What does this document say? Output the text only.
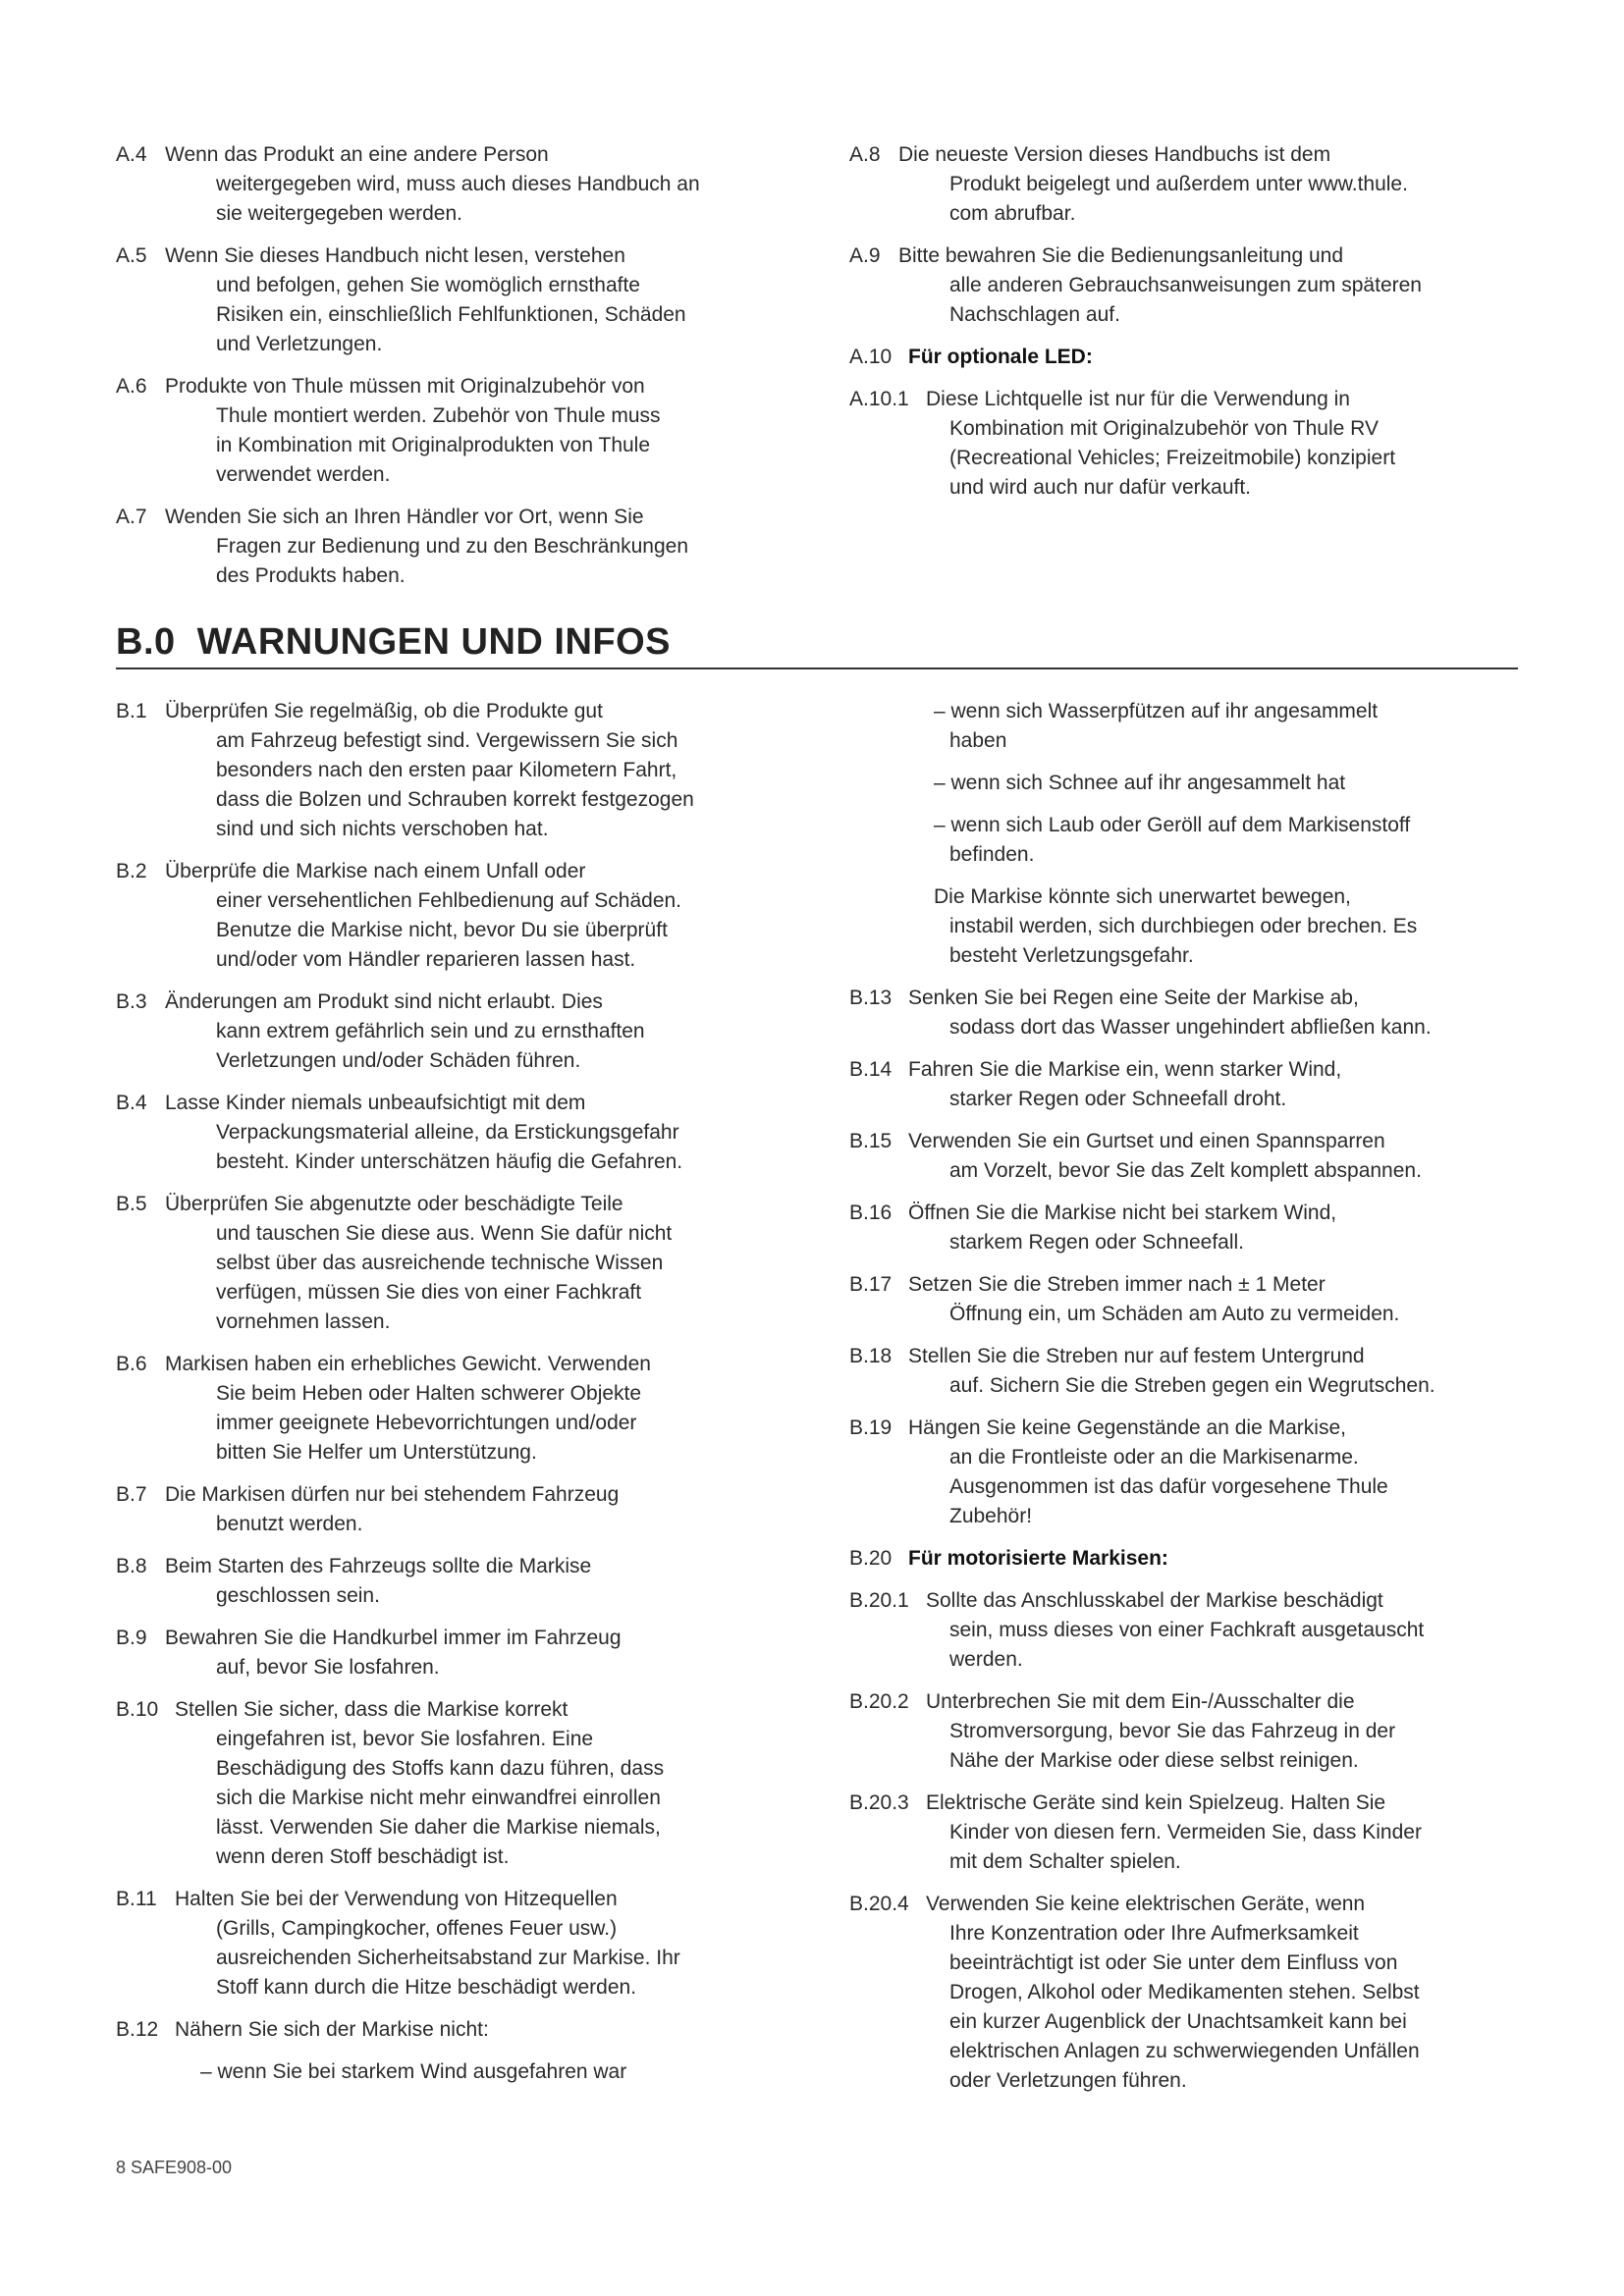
A.4 Wenn das Produkt an eine andere Person
weitergegeben wird, muss auch dieses Handbuch an
sie weitergegeben werden.
A.5 Wenn Sie dieses Handbuch nicht lesen, verstehen
und befolgen, gehen Sie womöglich ernsthafte
Risiken ein, einschließlich Fehlfunktionen, Schäden
und Verletzungen.
A.6 Produkte von Thule müssen mit Originalzubehör von
Thule montiert werden. Zubehör von Thule muss
in Kombination mit Originalprodukten von Thule
verwendet werden.
A.7 Wenden Sie sich an Ihren Händler vor Ort, wenn Sie
Fragen zur Bedienung und zu den Beschränkungen
des Produkts haben.
A.8 Die neueste Version dieses Handbuchs ist dem
Produkt beigelegt und außerdem unter www.thule.
com abrufbar.
A.9 Bitte bewahren Sie die Bedienungsanleitung und
alle anderen Gebrauchsanweisungen zum späteren
Nachschlagen auf.
A.10 Für optionale LED:
A.10.1 Diese Lichtquelle ist nur für die Verwendung in
Kombination mit Originalzubehör von Thule RV
(Recreational Vehicles; Freizeitmobile) konzipiert
und wird auch nur dafür verkauft.
B.0 WARNUNGEN UND INFOS
B.1 Überprüfen Sie regelmäßig, ob die Produkte gut
am Fahrzeug befestigt sind. Vergewissern Sie sich
besonders nach den ersten paar Kilometern Fahrt,
dass die Bolzen und Schrauben korrekt festgezogen
sind und sich nichts verschoben hat.
B.2 Überprüfe die Markise nach einem Unfall oder
einer versehentlichen Fehlbedienung auf Schäden.
Benutze die Markise nicht, bevor Du sie überprüft
und/oder vom Händler reparieren lassen hast.
B.3 Änderungen am Produkt sind nicht erlaubt. Dies
kann extrem gefährlich sein und zu ernsthaften
Verletzungen und/oder Schäden führen.
B.4 Lasse Kinder niemals unbeaufsichtigt mit dem
Verpackungsmaterial alleine, da Erstickungsgefahr
besteht. Kinder unterschätzen häufig die Gefahren.
B.5 Überprüfen Sie abgenutzte oder beschädigte Teile
und tauschen Sie diese aus. Wenn Sie dafür nicht
selbst über das ausreichende technische Wissen
verfügen, müssen Sie dies von einer Fachkraft
vornehmen lassen.
B.6 Markisen haben ein erhebliches Gewicht. Verwenden
Sie beim Heben oder Halten schwerer Objekte
immer geeignete Hebevorrichtungen und/oder
bitten Sie Helfer um Unterstützung.
B.7 Die Markisen dürfen nur bei stehendem Fahrzeug
benutzt werden.
B.8 Beim Starten des Fahrzeugs sollte die Markise
geschlossen sein.
B.9 Bewahren Sie die Handkurbel immer im Fahrzeug
auf, bevor Sie losfahren.
B.10 Stellen Sie sicher, dass die Markise korrekt
eingefahren ist, bevor Sie losfahren. Eine
Beschädigung des Stoffs kann dazu führen, dass
sich die Markise nicht mehr einwandfrei einrollen
lässt. Verwenden Sie daher die Markise niemals,
wenn deren Stoff beschädigt ist.
B.11 Halten Sie bei der Verwendung von Hitzequellen
(Grills, Campingkocher, offenes Feuer usw.)
ausreichenden Sicherheitsabstand zur Markise. Ihr
Stoff kann durch die Hitze beschädigt werden.
B.12 Nähern Sie sich der Markise nicht:
– wenn Sie bei starkem Wind ausgefahren war
– wenn sich Wasserpfützen auf ihr angesammelt
haben
– wenn sich Schnee auf ihr angesammelt hat
– wenn sich Laub oder Geröll auf dem Markisenstoff
befinden.
Die Markise könnte sich unerwartet bewegen,
instabil werden, sich durchbiegen oder brechen. Es
besteht Verletzungsgefahr.
B.13 Senken Sie bei Regen eine Seite der Markise ab,
sodass dort das Wasser ungehindert abfließen kann.
B.14 Fahren Sie die Markise ein, wenn starker Wind,
starker Regen oder Schneefall droht.
B.15 Verwenden Sie ein Gurtset und einen Spannsparren
am Vorzelt, bevor Sie das Zelt komplett abspannen.
B.16 Öffnen Sie die Markise nicht bei starkem Wind,
starkem Regen oder Schneefall.
B.17 Setzen Sie die Streben immer nach ± 1 Meter
Öffnung ein, um Schäden am Auto zu vermeiden.
B.18 Stellen Sie die Streben nur auf festem Untergrund
auf. Sichern Sie die Streben gegen ein Wegrutschen.
B.19 Hängen Sie keine Gegenstände an die Markise,
an die Frontleiste oder an die Markisenarme.
Ausgenommen ist das dafür vorgesehene Thule
Zubehör!
B.20 Für motorisierte Markisen:
B.20.1 Sollte das Anschlusskabel der Markise beschädigt
sein, muss dieses von einer Fachkraft ausgetauscht
werden.
B.20.2 Unterbrechen Sie mit dem Ein-/Ausschalter die
Stromversorgung, bevor Sie das Fahrzeug in der
Nähe der Markise oder diese selbst reinigen.
B.20.3 Elektrische Geräte sind kein Spielzeug. Halten Sie
Kinder von diesen fern. Vermeiden Sie, dass Kinder
mit dem Schalter spielen.
B.20.4 Verwenden Sie keine elektrischen Geräte, wenn
Ihre Konzentration oder Ihre Aufmerksamkeit
beeinträchtigt ist oder Sie unter dem Einfluss von
Drogen, Alkohol oder Medikamenten stehen. Selbst
ein kurzer Augenblick der Unachtsamkeit kann bei
elektrischen Anlagen zu schwerwiegenden Unfällen
oder Verletzungen führen.
8 SAFE908-00
